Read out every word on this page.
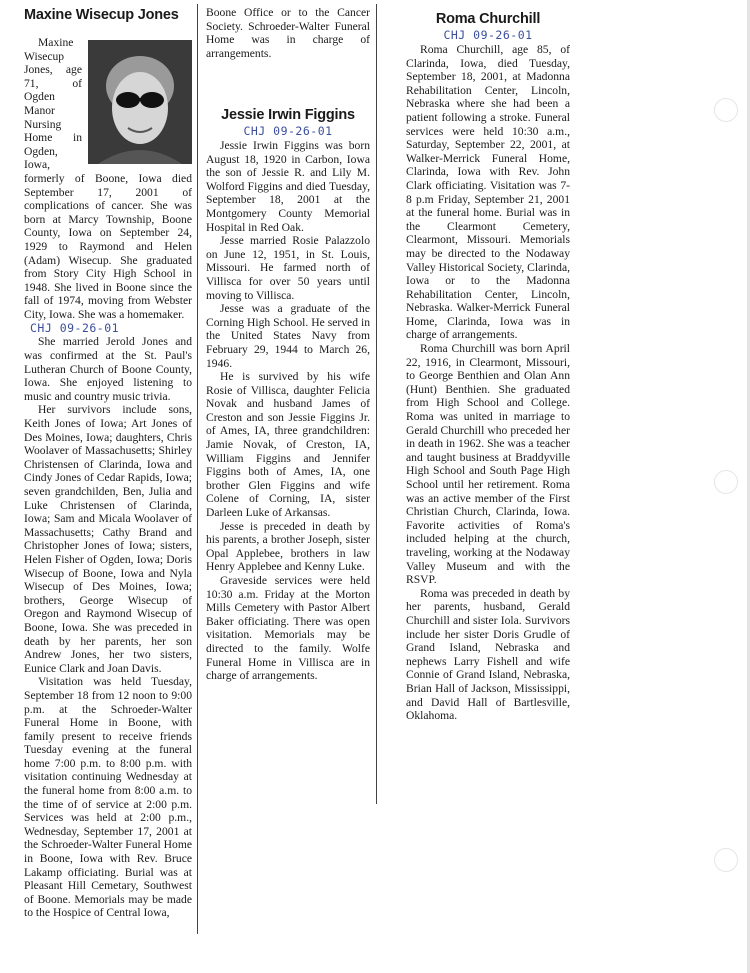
Maxine Wisecup Jones

Maxine Wisecup Jones, age 71, of Ogden Manor Nursing Home in Ogden, Iowa, formerly of Boone, Iowa died September 17, 2001 of complications of cancer. She was born at Marcy Township, Boone County, Iowa on September 24, 1929 to Raymond and Helen (Adam) Wisecup. She graduated from Story City High School in 1948. She lived in Boone since the fall of 1974, moving from Webster City, Iowa. She was a homemaker.

CHJ 09-26-01

She married Jerold Jones and was confirmed at the St. Paul's Lutheran Church of Boone County, Iowa. She enjoyed listening to music and country music trivia.

Her survivors include sons, Keith Jones of Iowa; Art Jones of Des Moines, Iowa; daughters, Chris Woolaver of Massachusetts; Shirley Christensen of Clarinda, Iowa and Cindy Jones of Cedar Rapids, Iowa; seven grandchilden, Ben, Julia and Luke Christensen of Clarinda, Iowa; Sam and Micala Woolaver of Massachusetts; Cathy Brand and Christopher Jones of Iowa; sisters, Helen Fisher of Ogden, Iowa; Doris Wisecup of Boone, Iowa and Nyla Wisecup of Des Moines, Iowa; brothers, George Wisecup of Oregon and Raymond Wisecup of Boone, Iowa. She was preceded in death by her parents, her son Andrew Jones, her two sisters, Eunice Clark and Joan Davis.

Visitation was held Tuesday, September 18 from 12 noon to 9:00 p.m. at the Schroeder-Walter Funeral Home in Boone, with family present to receive friends Tuesday evening at the funeral home 7:00 p.m. to 8:00 p.m. with visitation continuing Wednesday at the funeral home from 8:00 a.m. to the time of of service at 2:00 p.m. Services was held at 2:00 p.m., Wednesday, September 17, 2001 at the Schroeder-Walter Funeral Home in Boone, Iowa with Rev. Bruce Lakamp officiating. Burial was at Pleasant Hill Cemetary, Southwest of Boone. Memorials may be made to the Hospice of Central Iowa,

Boone Office or to the Cancer Society. Schroeder-Walter Funeral Home was in charge of arrangements.
Jessie Irwin Figgins
CHJ 09-26-01

Jessie Irwin Figgins was born August 18, 1920 in Carbon, Iowa the son of Jessie R. and Lily M. Wolford Figgins and died Tuesday, September 18, 2001 at the Montgomery County Memorial Hospital in Red Oak.

Jesse married Rosie Palazzolo on June 12, 1951, in St. Louis, Missouri. He farmed north of Villisca for over 50 years until moving to Villisca.

Jesse was a graduate of the Corning High School. He served in the United States Navy from February 29, 1944 to March 26, 1946.

He is survived by his wife Rosie of Villisca, daughter Felicia Novak and husband James of Creston and son Jessie Figgins Jr. of Ames, IA, three grandchildren: Jamie Novak, of Creston, IA, William Figgins and Jennifer Figgins both of Ames, IA, one brother Glen Figgins and wife Colene of Corning, IA, sister Darleen Luke of Arkansas.

Jesse is preceded in death by his parents, a brother Joseph, sister Opal Applebee, brothers in law Henry Applebee and Kenny Luke.

Graveside services were held 10:30 a.m. Friday at the Morton Mills Cemetery with Pastor Albert Baker officiating. There was open visitation. Memorials may be directed to the family. Wolfe Funeral Home in Villisca are in charge of arrangements.

Roma Churchill
CHJ 09-26-01

Roma Churchill, age 85, of Clarinda, Iowa, died Tuesday, September 18, 2001, at Madonna Rehabilitation Center, Lincoln, Nebraska where she had been a patient following a stroke. Funeral services were held 10:30 a.m., Saturday, September 22, 2001, at Walker-Merrick Funeral Home, Clarinda, Iowa with Rev. John Clark officiating. Visitation was 7-8 p.m Friday, September 21, 2001 at the funeral home. Burial was in the Clearmont Cemetery, Clearmont, Missouri. Memorials may be directed to the Nodaway Valley Historical Society, Clarinda, Iowa or to the Madonna Rehabilitation Center, Lincoln, Nebraska. Walker-Merrick Funeral Home, Clarinda, Iowa was in charge of arrangements.

Roma Churchill was born April 22, 1916, in Clearmont, Missouri, to George Benthien and Olan Ann (Hunt) Benthien. She graduated from High School and College. Roma was united in marriage to Gerald Churchill who preceded her in death in 1962. She was a teacher and taught business at Braddyville High School and South Page High School until her retirement. Roma was an active member of the First Christian Church, Clarinda, Iowa. Favorite activities of Roma's included helping at the church, traveling, working at the Nodaway Valley Museum and with the RSVP.

Roma was preceded in death by her parents, husband, Gerald Churchill and sister Iola. Survivors include her sister Doris Grudle of Grand Island, Nebraska and nephews Larry Fishell and wife Connie of Grand Island, Nebraska, Brian Hall of Jackson, Mississippi, and David Hall of Bartlesville, Oklahoma.
